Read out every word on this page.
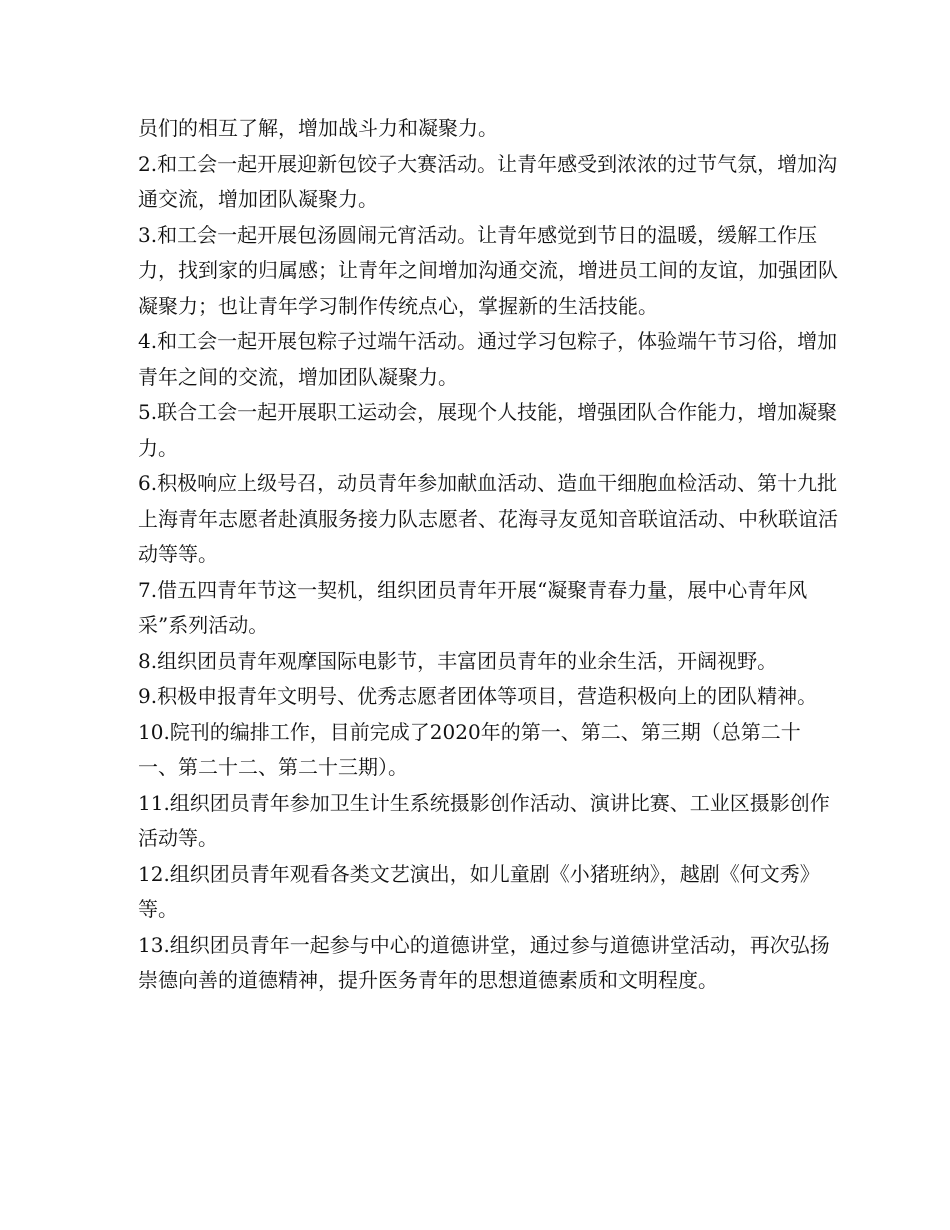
员们的相互了解，增加战斗力和凝聚力。

2.和工会一起开展迎新包饺子大赛活动。让青年感受到浓浓的过节气氛，增加沟通交流，增加团队凝聚力。

3.和工会一起开展包汤圆闹元宵活动。让青年感觉到节日的温暖，缓解工作压力，找到家的归属感；让青年之间增加沟通交流，增进员工间的友谊，加强团队凝聚力；也让青年学习制作传统点心，掌握新的生活技能。

4.和工会一起开展包粽子过端午活动。通过学习包粽子，体验端午节习俗，增加青年之间的交流，增加团队凝聚力。

5.联合工会一起开展职工运动会，展现个人技能，增强团队合作能力，增加凝聚力。

6.积极响应上级号召，动员青年参加献血活动、造血干细胞血检活动、第十九批上海青年志愿者赴滇服务接力队志愿者、花海寻友觅知音联谊活动、中秋联谊活动等等。

7.借五四青年节这一契机，组织团员青年开展“凝聚青春力量，展中心青年风采”系列活动。

8.组织团员青年观摩国际电影节，丰富团员青年的业余生活，开阔视野。

9.积极申报青年文明号、优秀志愿者团体等项目，营造积极向上的团队精神。

10.院刊的编排工作，目前完成了2020年的第一、第二、第三期（总第二十一、第二十二、第二十三期）。

11.组织团员青年参加卫生计生系统摄影创作活动、演讲比赛、工业区摄影创作活动等。

12.组织团员青年观看各类文艺演出，如儿童剧《小猪班纳》，越剧《何文秀》等。

13.组织团员青年一起参与中心的道德讲堂，通过参与道德讲堂活动，再次弘扬崇德向善的道德精神，提升医务青年的思想道德素质和文明程度。
